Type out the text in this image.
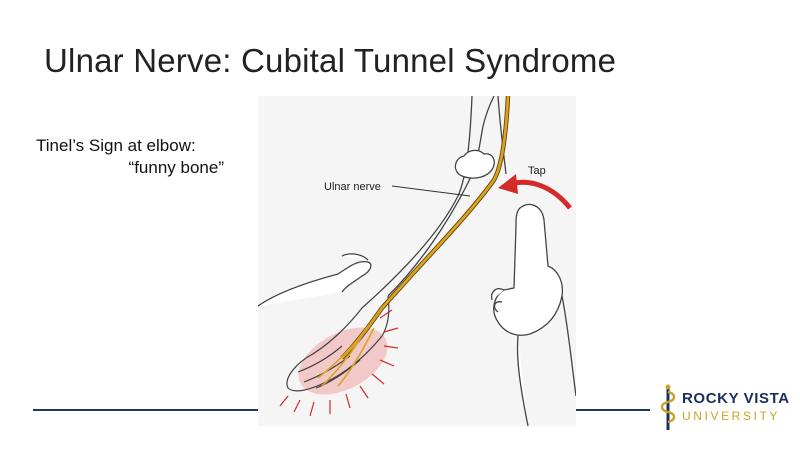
Ulnar Nerve: Cubital Tunnel Syndrome
Tinel’s Sign at elbow:
“funny bone”
Ulnar nerve
Tap
ROCKY VISTA
UNIVERSITY
